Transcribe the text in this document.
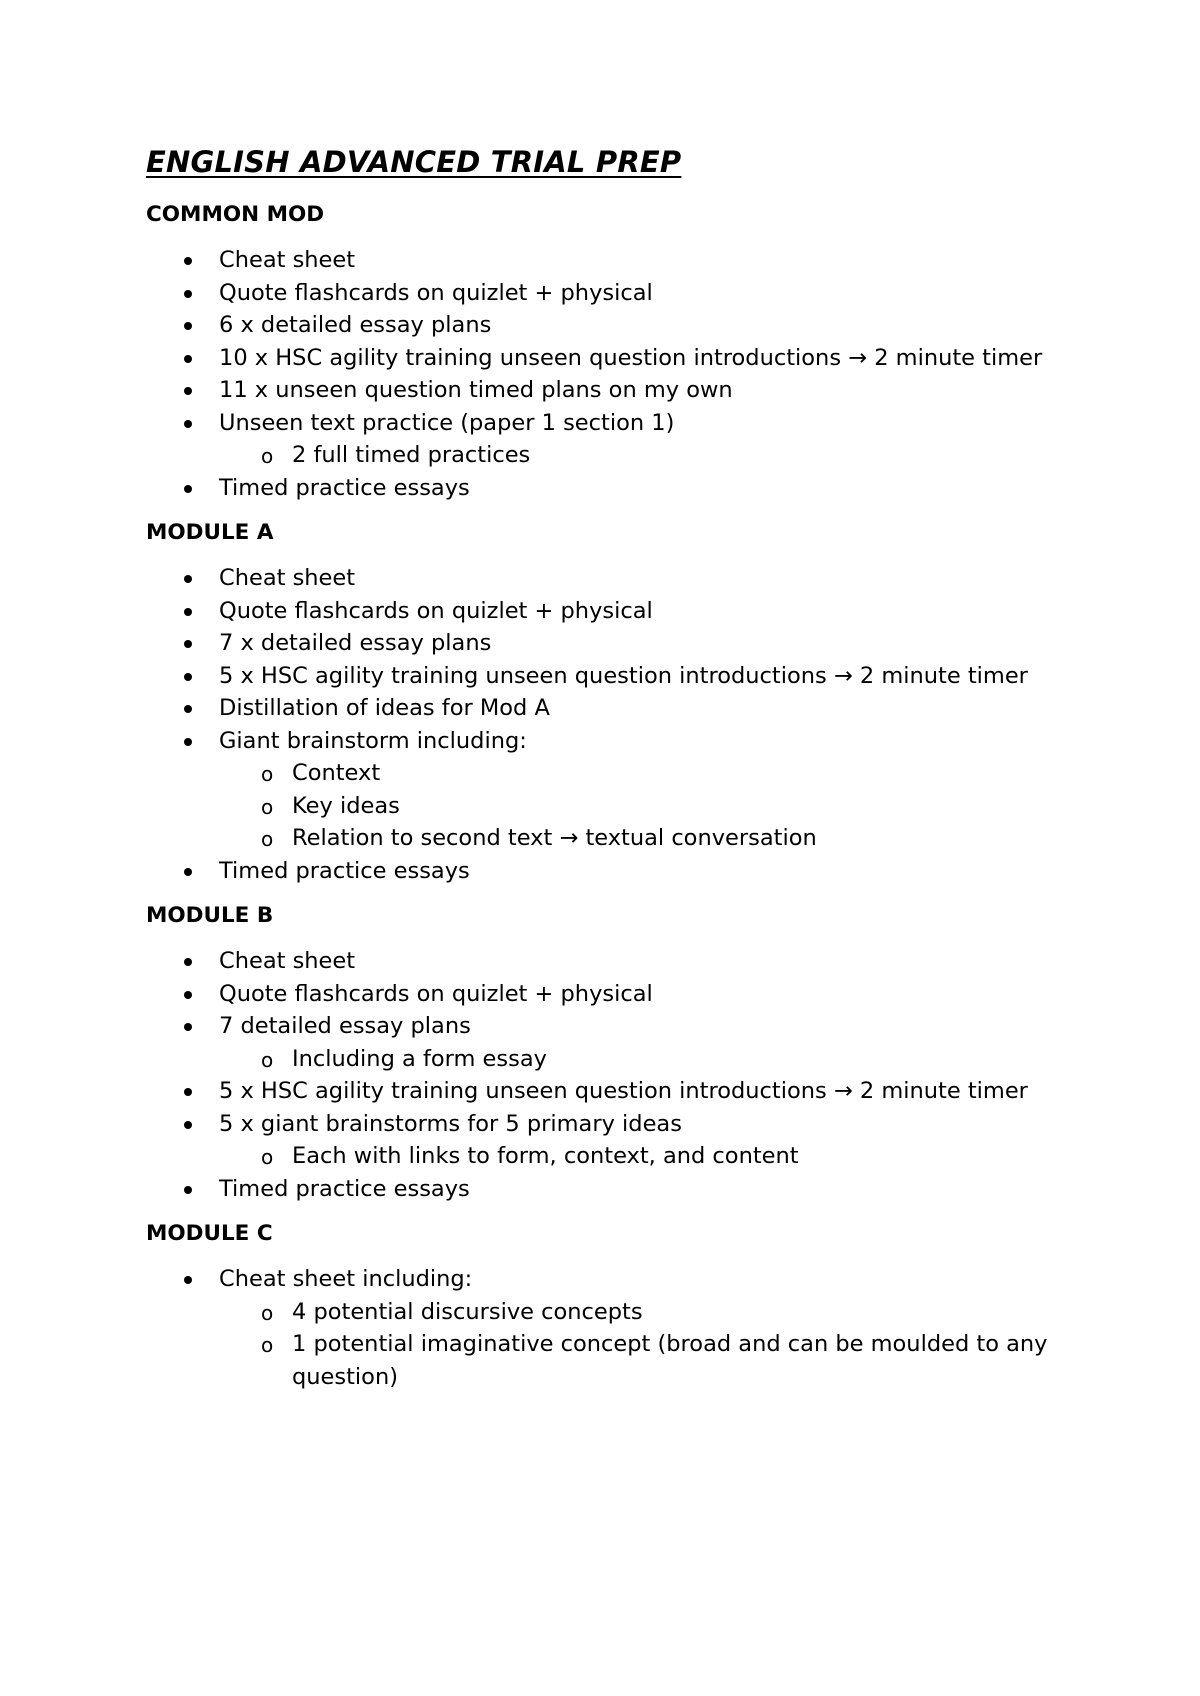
ENGLISH ADVANCED TRIAL PREP
COMMON MOD
Cheat sheet
Quote flashcards on quizlet + physical
6 x detailed essay plans
10 x HSC agility training unseen question introductions → 2 minute timer
11 x unseen question timed plans on my own
Unseen text practice (paper 1 section 1)
o 2 full timed practices
Timed practice essays
MODULE A
Cheat sheet
Quote flashcards on quizlet + physical
7 x detailed essay plans
5 x HSC agility training unseen question introductions → 2 minute timer
Distillation of ideas for Mod A
Giant brainstorm including:
o Context
o Key ideas
o Relation to second text → textual conversation
Timed practice essays
MODULE B
Cheat sheet
Quote flashcards on quizlet + physical
7 detailed essay plans
o Including a form essay
5 x HSC agility training unseen question introductions → 2 minute timer
5 x giant brainstorms for 5 primary ideas
o Each with links to form, context, and content
Timed practice essays
MODULE C
Cheat sheet including:
o 4 potential discursive concepts
o 1 potential imaginative concept (broad and can be moulded to any question)
